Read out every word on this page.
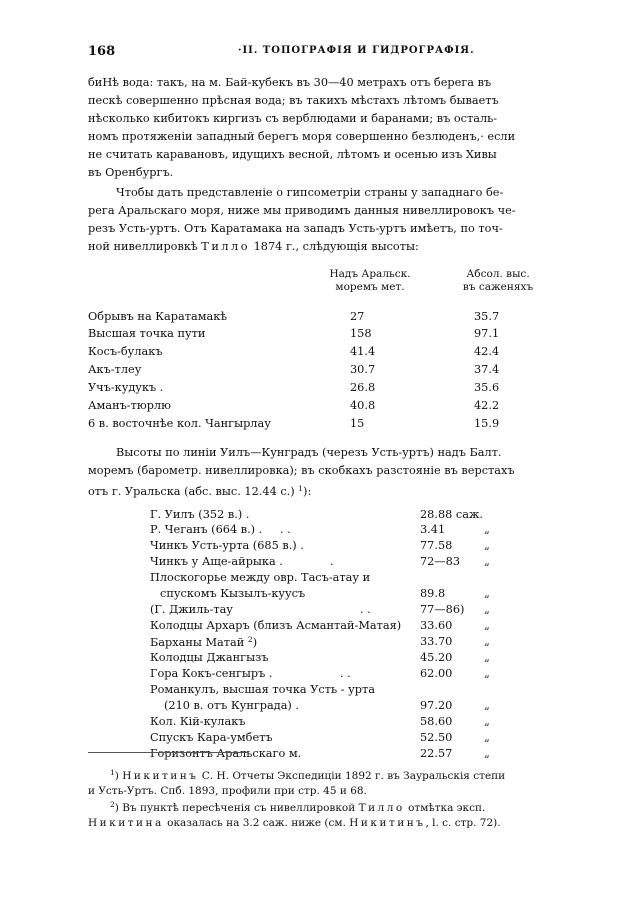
168	·II. ТОПОГРАФІЯ И ГИДРОГРАФІЯ.
биНѣ вода: такъ, на м. Бай-кубекъ въ 30—40 метрахъ отъ берега въ
пескѣ совершенно прѣсная вода; въ такихъ мѣстахъ лѣтомъ бываетъ
нѣсколько кибитокъ киргизъ съ верблюдами и баранами; въ осталь-
номъ протяженіи западный берегъ моря совершенно безлюденъ,· если
не считать каравановъ, идущихъ весной, лѣтомъ и осенью изъ Хивы
въ Оренбургъ.
Чтобы дать представленіе о гипсометріи страны у западнаго бе-
рега Аральскаго моря, ниже мы приводимъ данныя нивеллировокъ че-
резъ Усть-уртъ. Отъ Каратамака на западъ Усть-уртъ имѣетъ, по точ-
ной нивеллировкѣ Тилло 1874 г., слѣдующія высоты:
Надъ Аральск.
моремъ мет.
Абсол. выс.
въ саженяхъ
Обрывъ на Каратамакѣ	27	35.7
Высшая точка пути	158	97.1
Косъ-булакъ	41.4	42.4
Акъ-тлеу	30.7	37.4
Учъ-кудукъ .	26.8	35.6
Аманъ-тюрлю	40.8	42.2
6 в. восточнѣе кол. Чангырлау	15	15.9
Высоты по линіи Уилъ—Кунградъ (черезъ Усть-уртъ) надъ Балт.
моремъ (барометр. нивеллировка); въ скобкахъ разстояніе въ верстахъ
отъ г. Уральска (абс. выс. 12.44 с.) $^1$):
Г. Уилъ (352 в.) .	28.88 саж.
Р. Чеганъ (664 в.) . . .	3.41	„
Чинкъ Усть-урта (685 в.) .	77.58	„
Чинкъ у Аще-айрыка .	.	72—83 „
Плоскогорье между овр. Тасъ-атау и
спускомъ Кызылъ-куусъ	89.8	„
(Г. Джиль-тау	. .	77—86) „
Колодцы Архаръ (близъ Асмантай-Матая) 33.60	„
Барханы Матай $^2$)	33.70	„
Колодцы Джангызъ	45.20	„
Гора Кокъ-сенгыръ .	. .	62.00	„
Романкулъ, высшая точка Усть - урта
(210 в. отъ Кунграда) .	97.20	„
Кол. Кій-кулакъ	58.60	„
Спускъ Кара-умбетъ	52.50	„
Горизонтъ Аральскаго м.	22.57	„

$^1$) Никитинъ С. Н. Отчеты Экспедиціи 1892 г. въ Зауральскія степи

и Усть-Уртъ. Спб. 1893, профили при стр. 45 и 68.

$^2$) Въ пунктѣ пересѣченія съ нивеллировкой Тилло отмѣтка эксп.

Никитина оказалась на 3.2 саж. ниже (см. Никитинъ, l. с. стр. 72).
